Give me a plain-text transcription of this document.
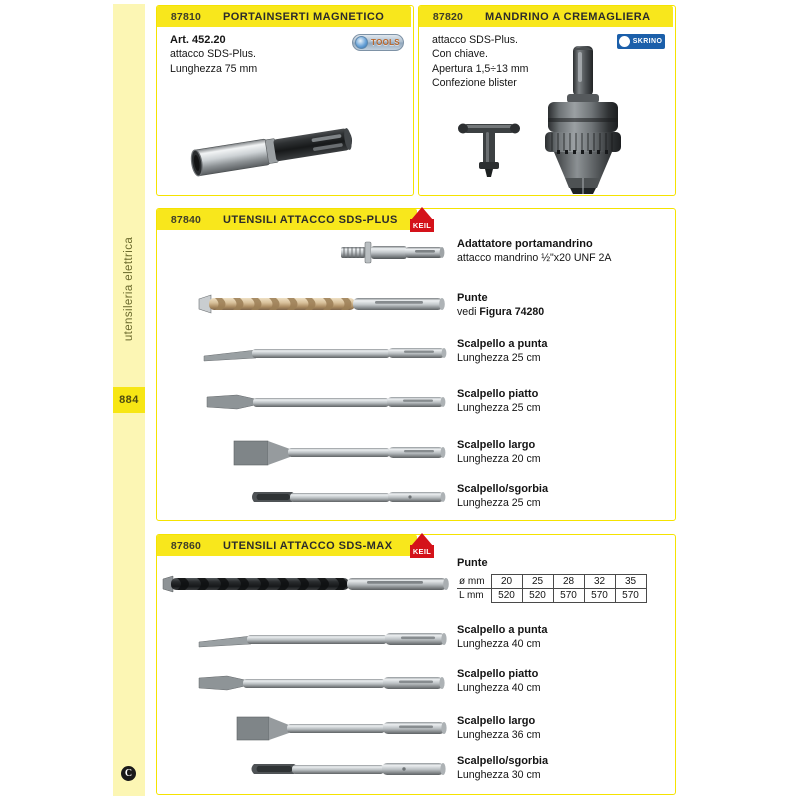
utensileria elettrica
884
C
87810	PORTAINSERTI MAGNETICO
Art. 452.20
attacco SDS-Plus.
Lunghezza 75 mm
TOOLS
87820	MANDRINO A CREMAGLIERA
attacco SDS-Plus.
Con chiave.
Apertura 1,5÷13 mm
Confezione blister
SKRINO
87840	UTENSILI ATTACCO SDS-PLUS KEIL
Adattatore portamandrino
attacco mandrino ½"x20 UNF 2A
Punte
vedi Figura 74280
Scalpello a punta
Lunghezza 25 cm
Scalpello piatto
Lunghezza 25 cm
Scalpello largo
Lunghezza 20 cm
Scalpello/sgorbia
Lunghezza 25 cm
87860	UTENSILI ATTACCO SDS-MAX	KEIL
Punte
ø mm	20	25	28	32	35
L mm	520	520	570	570	570
Scalpello a punta
Lunghezza 40 cm
Scalpello piatto
Lunghezza 40 cm
Scalpello largo
Lunghezza 36 cm
Scalpello/sgorbia
Lunghezza 30 cm
